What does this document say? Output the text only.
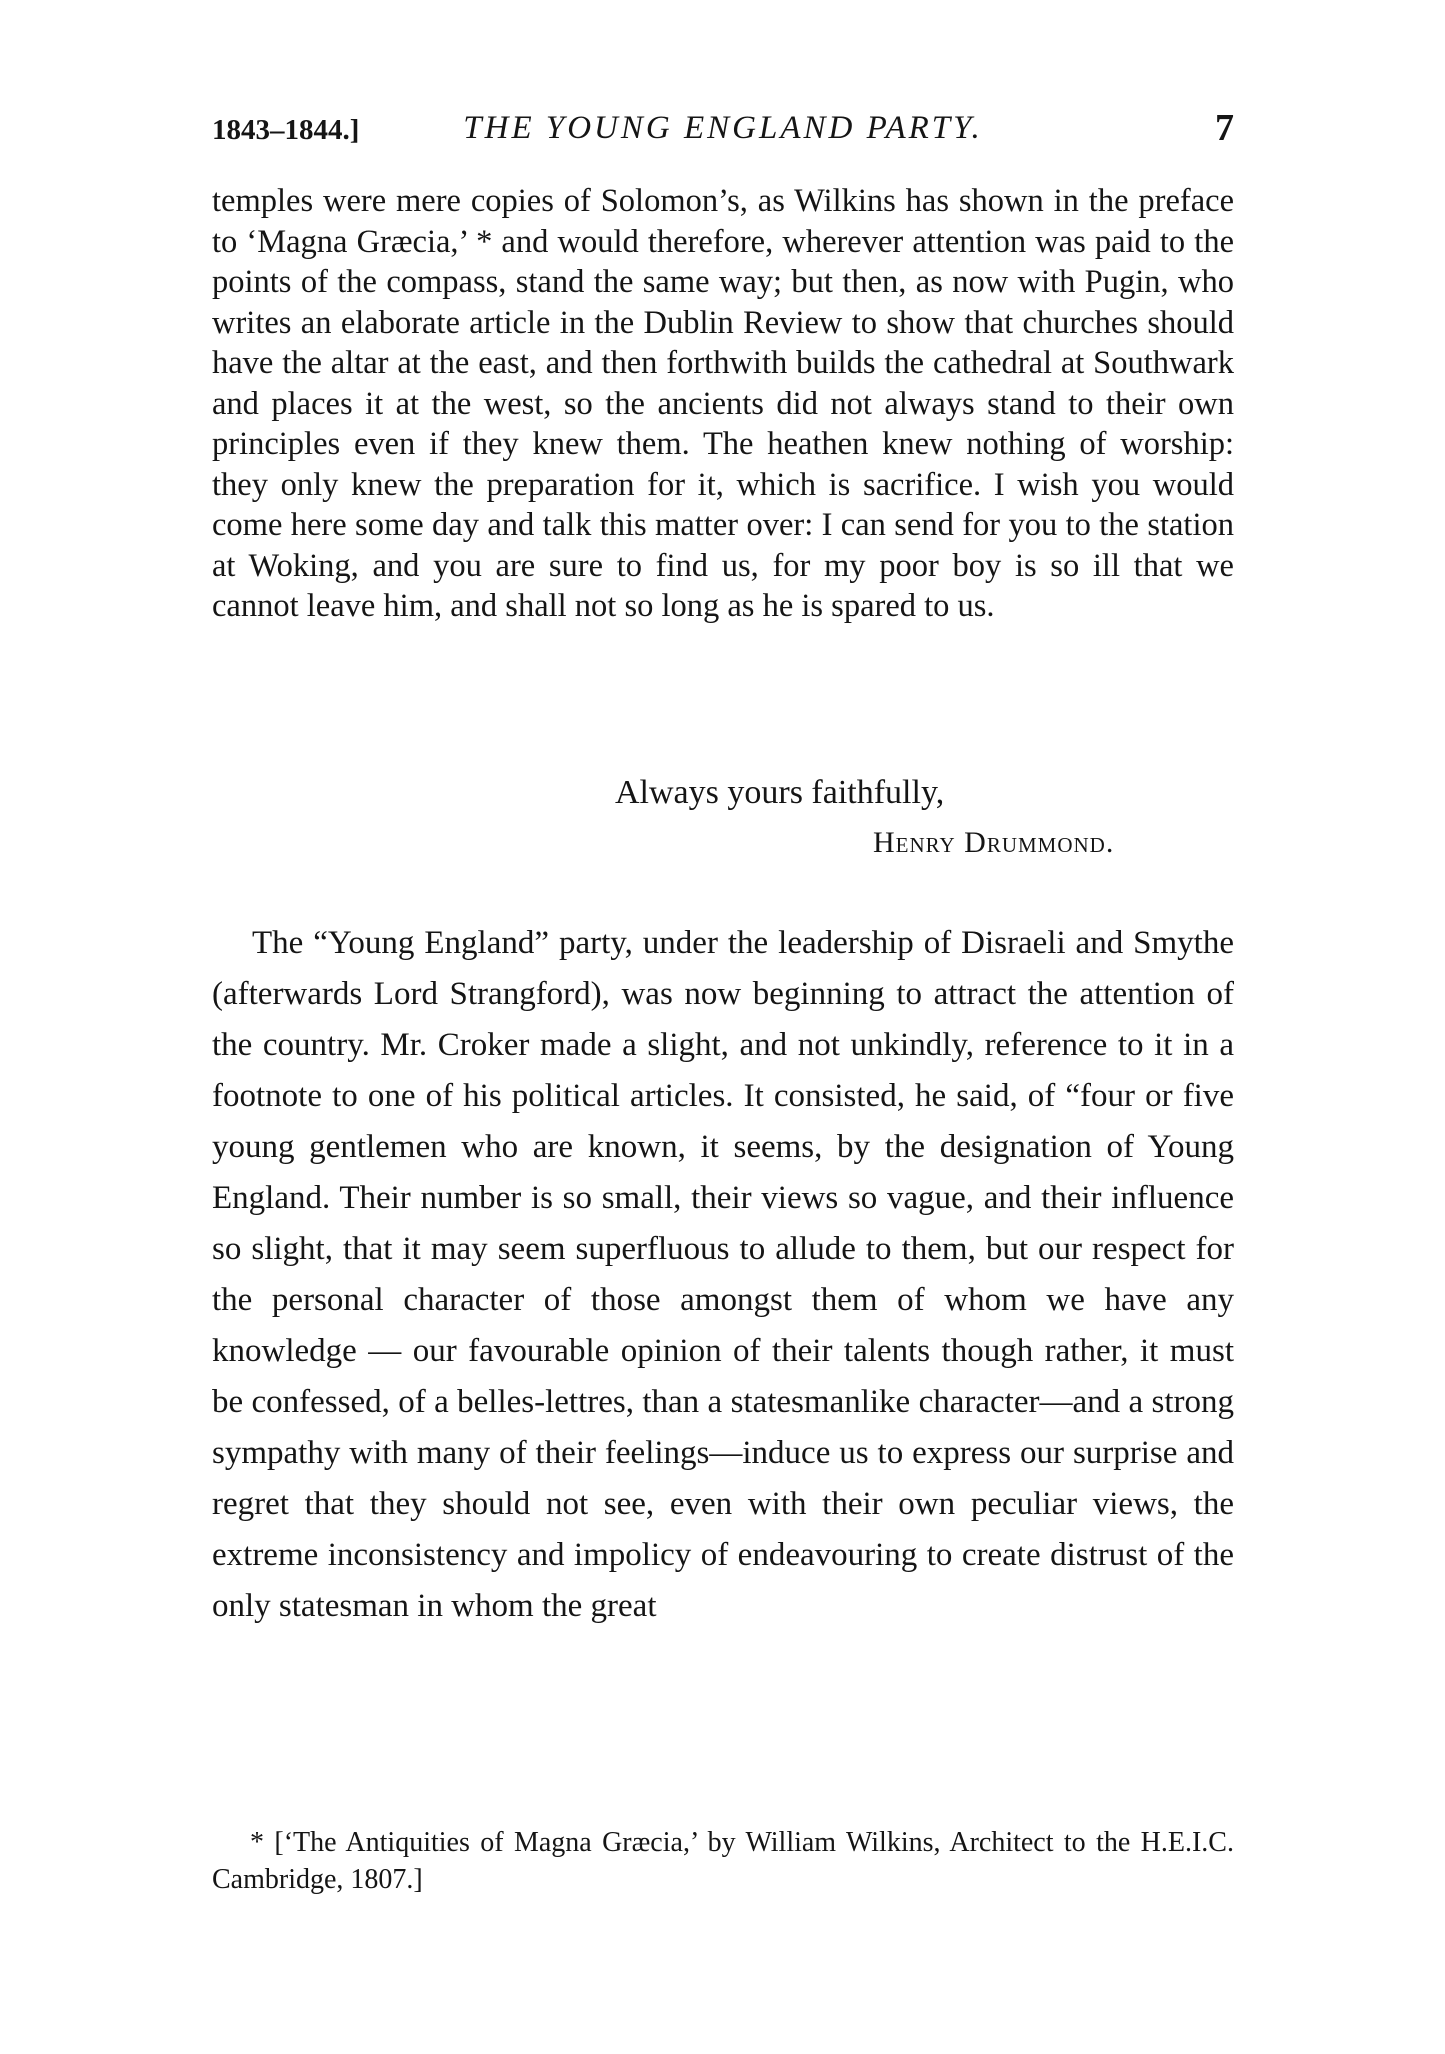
1843–1844.]	THE YOUNG ENGLAND PARTY.	7

temples were mere copies of Solomon’s, as Wilkins has shown in the preface to ‘Magna Græcia,’ * and would therefore, wherever attention was paid to the points of the compass, stand the same way; but then, as now with Pugin, who writes an elaborate article in the Dublin Review to show that churches should have the altar at the east, and then forthwith builds the cathedral at Southwark and places it at the west, so the ancients did not always stand to their own principles even if they knew them. The heathen knew nothing of worship: they only knew the preparation for it, which is sacrifice. I wish you would come here some day and talk this matter over: I can send for you to the station at Woking, and you are sure to find us, for my poor boy is so ill that we cannot leave him, and shall not so long as he is spared to us.

Always yours faithfully,
Henry Drummond.

The “Young England” party, under the leadership of Disraeli and Smythe (afterwards Lord Strangford), was now beginning to attract the attention of the country. Mr. Croker made a slight, and not unkindly, reference to it in a footnote to one of his political articles. It consisted, he said, of “four or five young gentlemen who are known, it seems, by the designation of Young England. Their number is so small, their views so vague, and their influence so slight, that it may seem superfluous to allude to them, but our respect for the personal character of those amongst them of whom we have any knowledge — our favourable opinion of their talents though rather, it must be confessed, of a belles-lettres, than a statesmanlike character—and a strong sympathy with many of their feelings—induce us to express our surprise and regret that they should not see, even with their own peculiar views, the extreme inconsistency and impolicy of endeavouring to create distrust of the only statesman in whom the great

* [‘The Antiquities of Magna Græcia,’ by William Wilkins, Architect to the H.E.I.C. Cambridge, 1807.]
